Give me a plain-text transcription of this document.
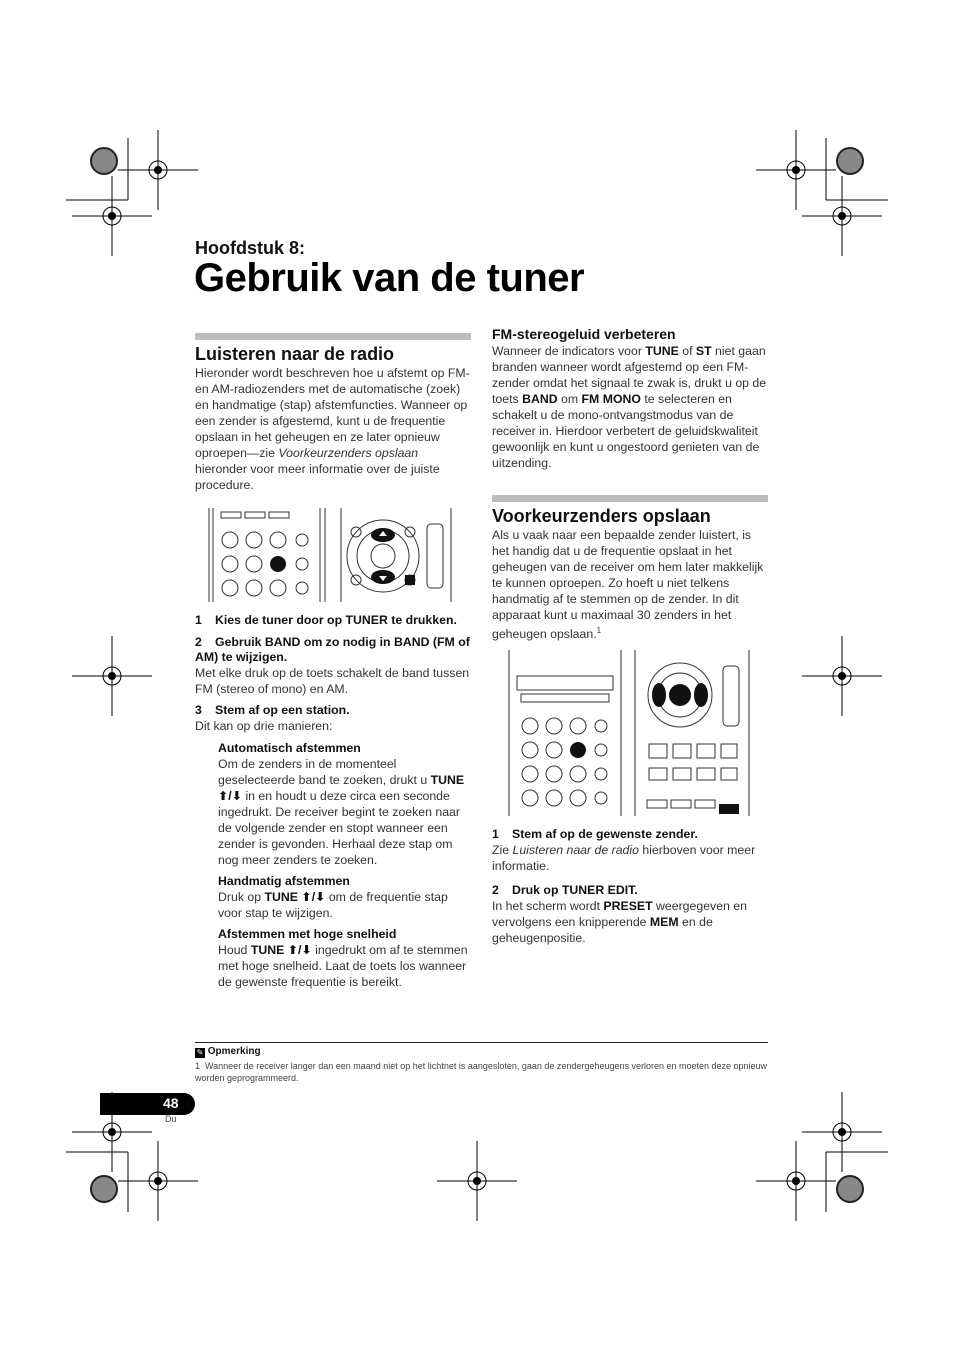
Hoofdstuk 8:
Gebruik van de tuner
Luisteren naar de radio

Hieronder wordt beschreven hoe u afstemt op FM- en AM-radiozenders met de automatische (zoek) en handmatige (stap) afstemfuncties. Wanneer op een zender is afgestemd, kunt u de frequentie opslaan in het geheugen en ze later opnieuw oproepen—zie Voorkeurzenders opslaan hieronder voor meer informatie over de juiste procedure.

1 Kies de tuner door op TUNER te drukken.

2 Gebruik BAND om zo nodig in BAND (FM of AM) te wijzigen.

Met elke druk op de toets schakelt de band tussen FM (stereo of mono) en AM.

3 Stem af op een station.

Dit kan op drie manieren:

Automatisch afstemmen

Om de zenders in de momenteel geselecteerde band te zoeken, drukt u TUNE ⬆/⬇ in en houdt u deze circa een seconde ingedrukt. De receiver begint te zoeken naar de volgende zender en stopt wanneer een zender is gevonden. Herhaal deze stap om nog meer zenders te zoeken.

Handmatig afstemmen

Druk op TUNE ⬆/⬇ om de frequentie stap voor stap te wijzigen.

Afstemmen met hoge snelheid

Houd TUNE ⬆/⬇ ingedrukt om af te stemmen met hoge snelheid. Laat de toets los wanneer de gewenste frequentie is bereikt.

FM-stereogeluid verbeteren

Wanneer de indicators voor TUNE of ST niet gaan branden wanneer wordt afgestemd op een FM-zender omdat het signaal te zwak is, drukt u op de toets BAND om FM MONO te selecteren en schakelt u de mono-ontvangstmodus van de receiver in. Hierdoor verbetert de geluidskwaliteit gewoonlijk en kunt u ongestoord genieten van de uitzending.

Voorkeurzenders opslaan

Als u vaak naar een bepaalde zender luistert, is het handig dat u de frequentie opslaat in het geheugen van de receiver om hem later makkelijk te kunnen oproepen. Zo hoeft u niet telkens handmatig af te stemmen op de zender. In dit apparaat kunt u maximaal 30 zenders in het geheugen opslaan.$^1$

1 Stem af op de gewenste zender.

Zie Luisteren naar de radio hierboven voor meer informatie.

2 Druk op TUNER EDIT.

In het scherm wordt PRESET weergegeven en vervolgens een knipperende MEM en de geheugenpositie.

✎ Opmerking
1 Wanneer de receiver langer dan een maand niet op het lichtnet is aangesloten, gaan de zendergeheugens verloren en moeten deze opnieuw worden geprogrammeerd.
48
Du
